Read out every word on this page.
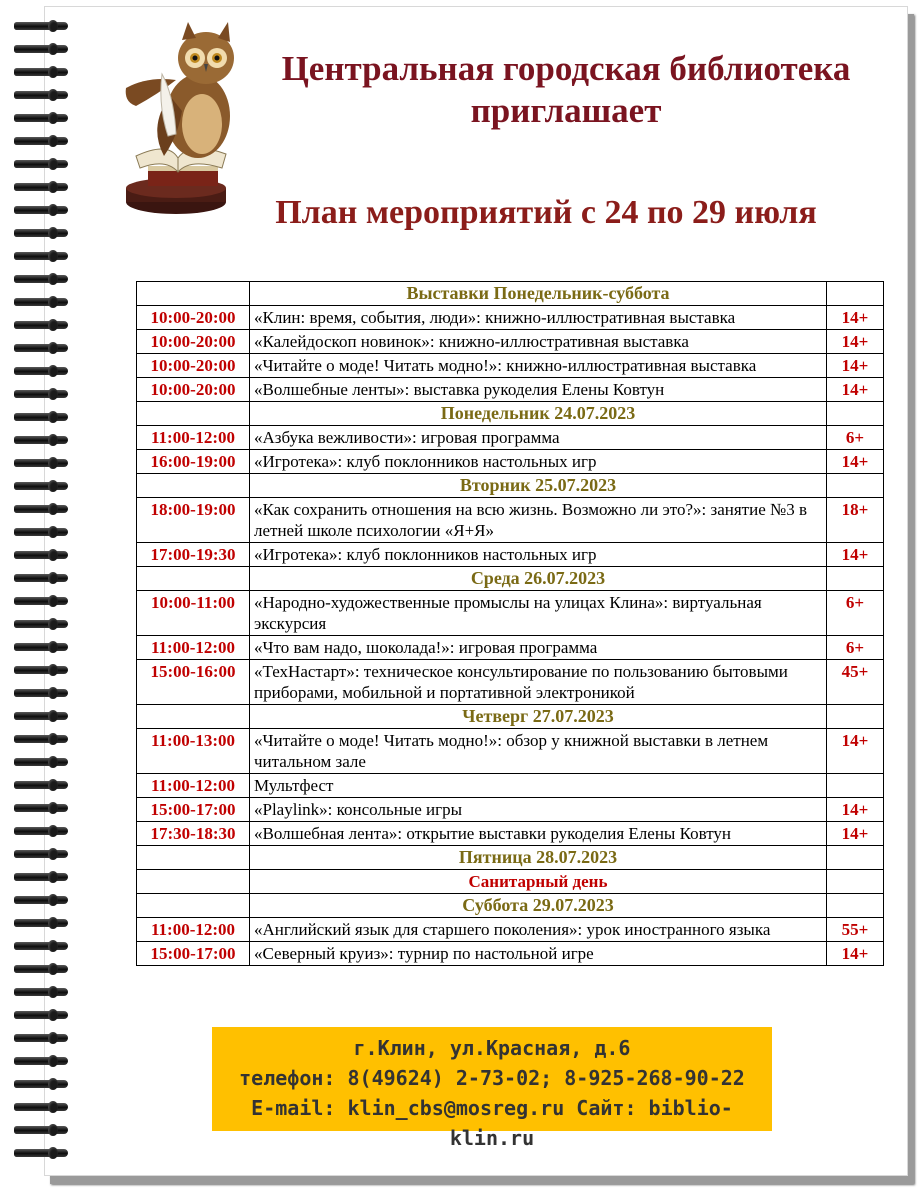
Центральная городская библиотека
приглашает
План мероприятий с 24 по 29 июля
	Выставки Понедельник-суббота	
10:00-20:00	«Клин: время, события, люди»: книжно-иллюстративная выставка	14+
10:00-20:00	«Калейдоскоп новинок»: книжно-иллюстративная выставка	14+
10:00-20:00	«Читайте о моде! Читать модно!»: книжно-иллюстративная выставка	14+
10:00-20:00	«Волшебные ленты»: выставка рукоделия Елены Ковтун	14+
	Понедельник 24.07.2023	
11:00-12:00	«Азбука вежливости»: игровая программа	6+
16:00-19:00	«Игротека»: клуб поклонников настольных игр	14+
	Вторник 25.07.2023	
18:00-19:00	«Как сохранить отношения на всю жизнь. Возможно ли это?»: занятие №3 в летней школе психологии «Я+Я»	18+
17:00-19:30	«Игротека»: клуб поклонников настольных игр	14+
	Среда 26.07.2023	
10:00-11:00	«Народно-художественные промыслы на улицах Клина»: виртуальная экскурсия	6+
11:00-12:00	«Что вам надо, шоколада!»: игровая программа	6+
15:00-16:00	«ТехНастарт»: техническое консультирование по пользованию бытовыми приборами, мобильной и портативной электроникой	45+
	Четверг 27.07.2023	
11:00-13:00	«Читайте о моде! Читать модно!»: обзор у книжной выставки в летнем читальном зале	14+
11:00-12:00	Мультфест	
15:00-17:00	«Playlink»: консольные игры	14+
17:30-18:30	«Волшебная лента»: открытие выставки рукоделия Елены Ковтун	14+
	Пятница 28.07.2023	
	Санитарный день	
	Суббота 29.07.2023	
11:00-12:00	«Английский язык для старшего поколения»: урок иностранного языка	55+
15:00-17:00	«Северный круиз»: турнир по настольной игре	14+
г.Клин, ул.Красная, д.6
телефон: 8(49624) 2-73-02; 8-925-268-90-22
E-mail: klin_cbs@mosreg.ru Сайт: biblio-klin.ru
